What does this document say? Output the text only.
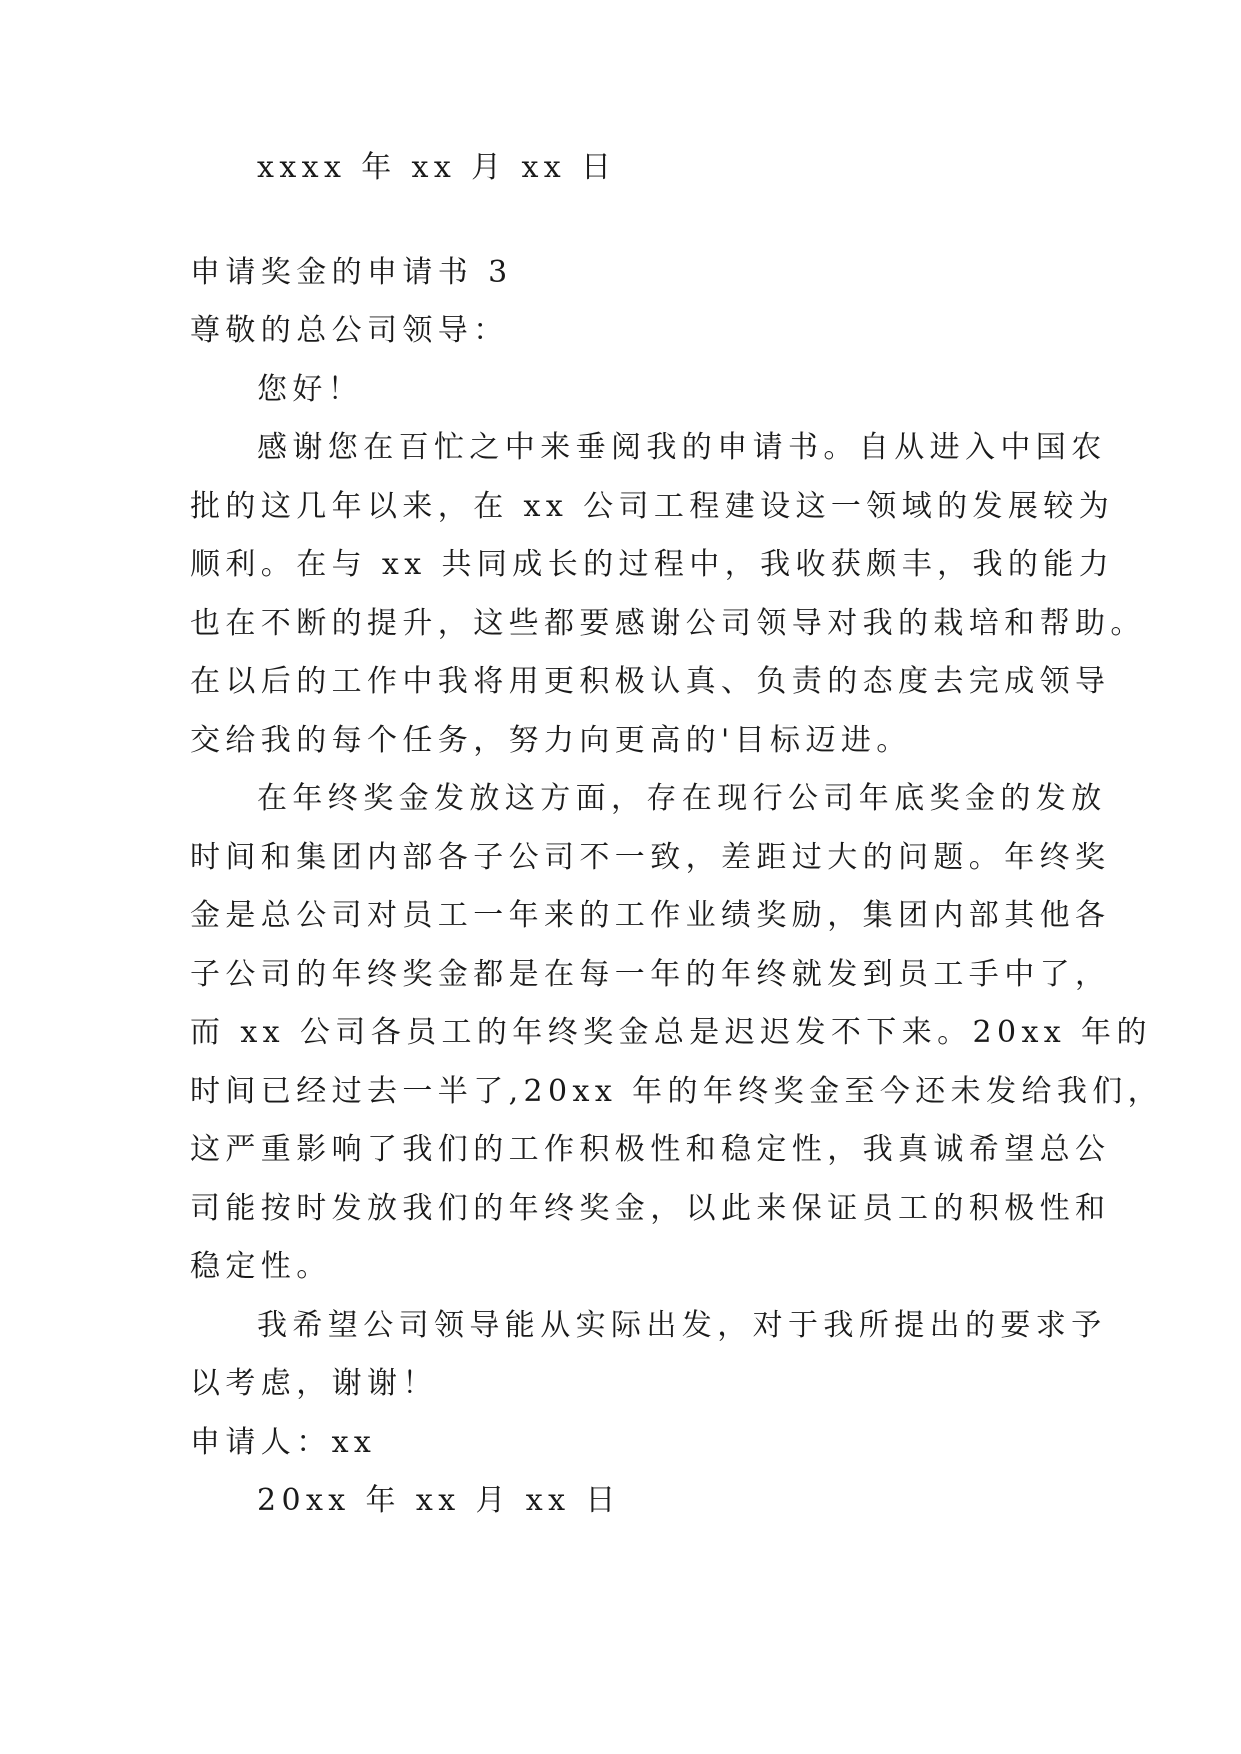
xxxx 年 xx 月 xx 日
申请奖金的申请书 3
尊敬的总公司领导：
您好！
感谢您在百忙之中来垂阅我的申请书。自从进入中国农
批的这几年以来，在 xx 公司工程建设这一领域的发展较为
顺利。在与 xx 共同成长的过程中，我收获颇丰，我的能力
也在不断的提升，这些都要感谢公司领导对我的栽培和帮助。
在以后的工作中我将用更积极认真、负责的态度去完成领导
交给我的每个任务，努力向更高的'目标迈进。
在年终奖金发放这方面，存在现行公司年底奖金的发放
时间和集团内部各子公司不一致，差距过大的问题。年终奖
金是总公司对员工一年来的工作业绩奖励，集团内部其他各
子公司的年终奖金都是在每一年的年终就发到员工手中了，
而 xx 公司各员工的年终奖金总是迟迟发不下来。20xx 年的
时间已经过去一半了,20xx 年的年终奖金至今还未发给我们，
这严重影响了我们的工作积极性和稳定性，我真诚希望总公
司能按时发放我们的年终奖金，以此来保证员工的积极性和
稳定性。
我希望公司领导能从实际出发，对于我所提出的要求予
以考虑，谢谢！
申请人：xx
20xx 年 xx 月 xx 日
